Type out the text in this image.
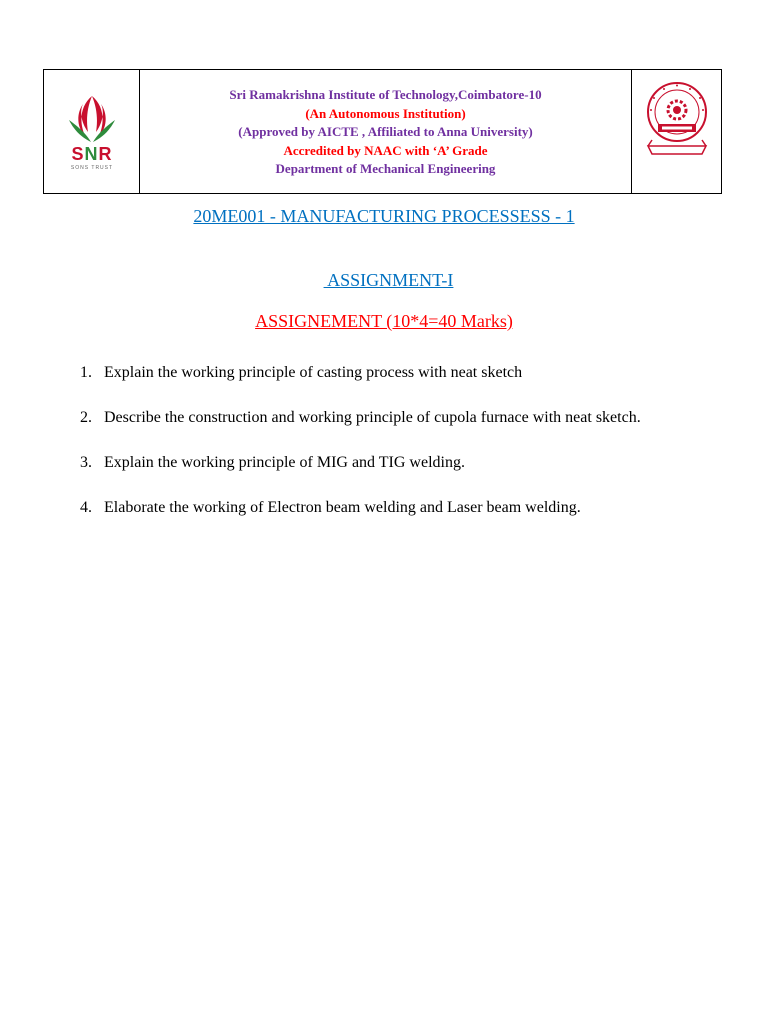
SNR
SONS TRUST
Sri Ramakrishna Institute of Technology,Coimbatore-10
(An Autonomous Institution)
(Approved by AICTE , Affiliated to Anna University)
Accredited by NAAC with ‘A’ Grade
Department of Mechanical Engineering
20ME001 - MANUFACTURING PROCESSESS - 1

ASSIGNMENT-I

ASSIGNEMENT (10*4=40 Marks)
1. Explain the working principle of casting process with neat sketch
2. Describe the construction and working principle of cupola furnace with neat sketch.
3. Explain the working principle of MIG and TIG welding.
4. Elaborate the working of Electron beam welding and Laser beam welding.
